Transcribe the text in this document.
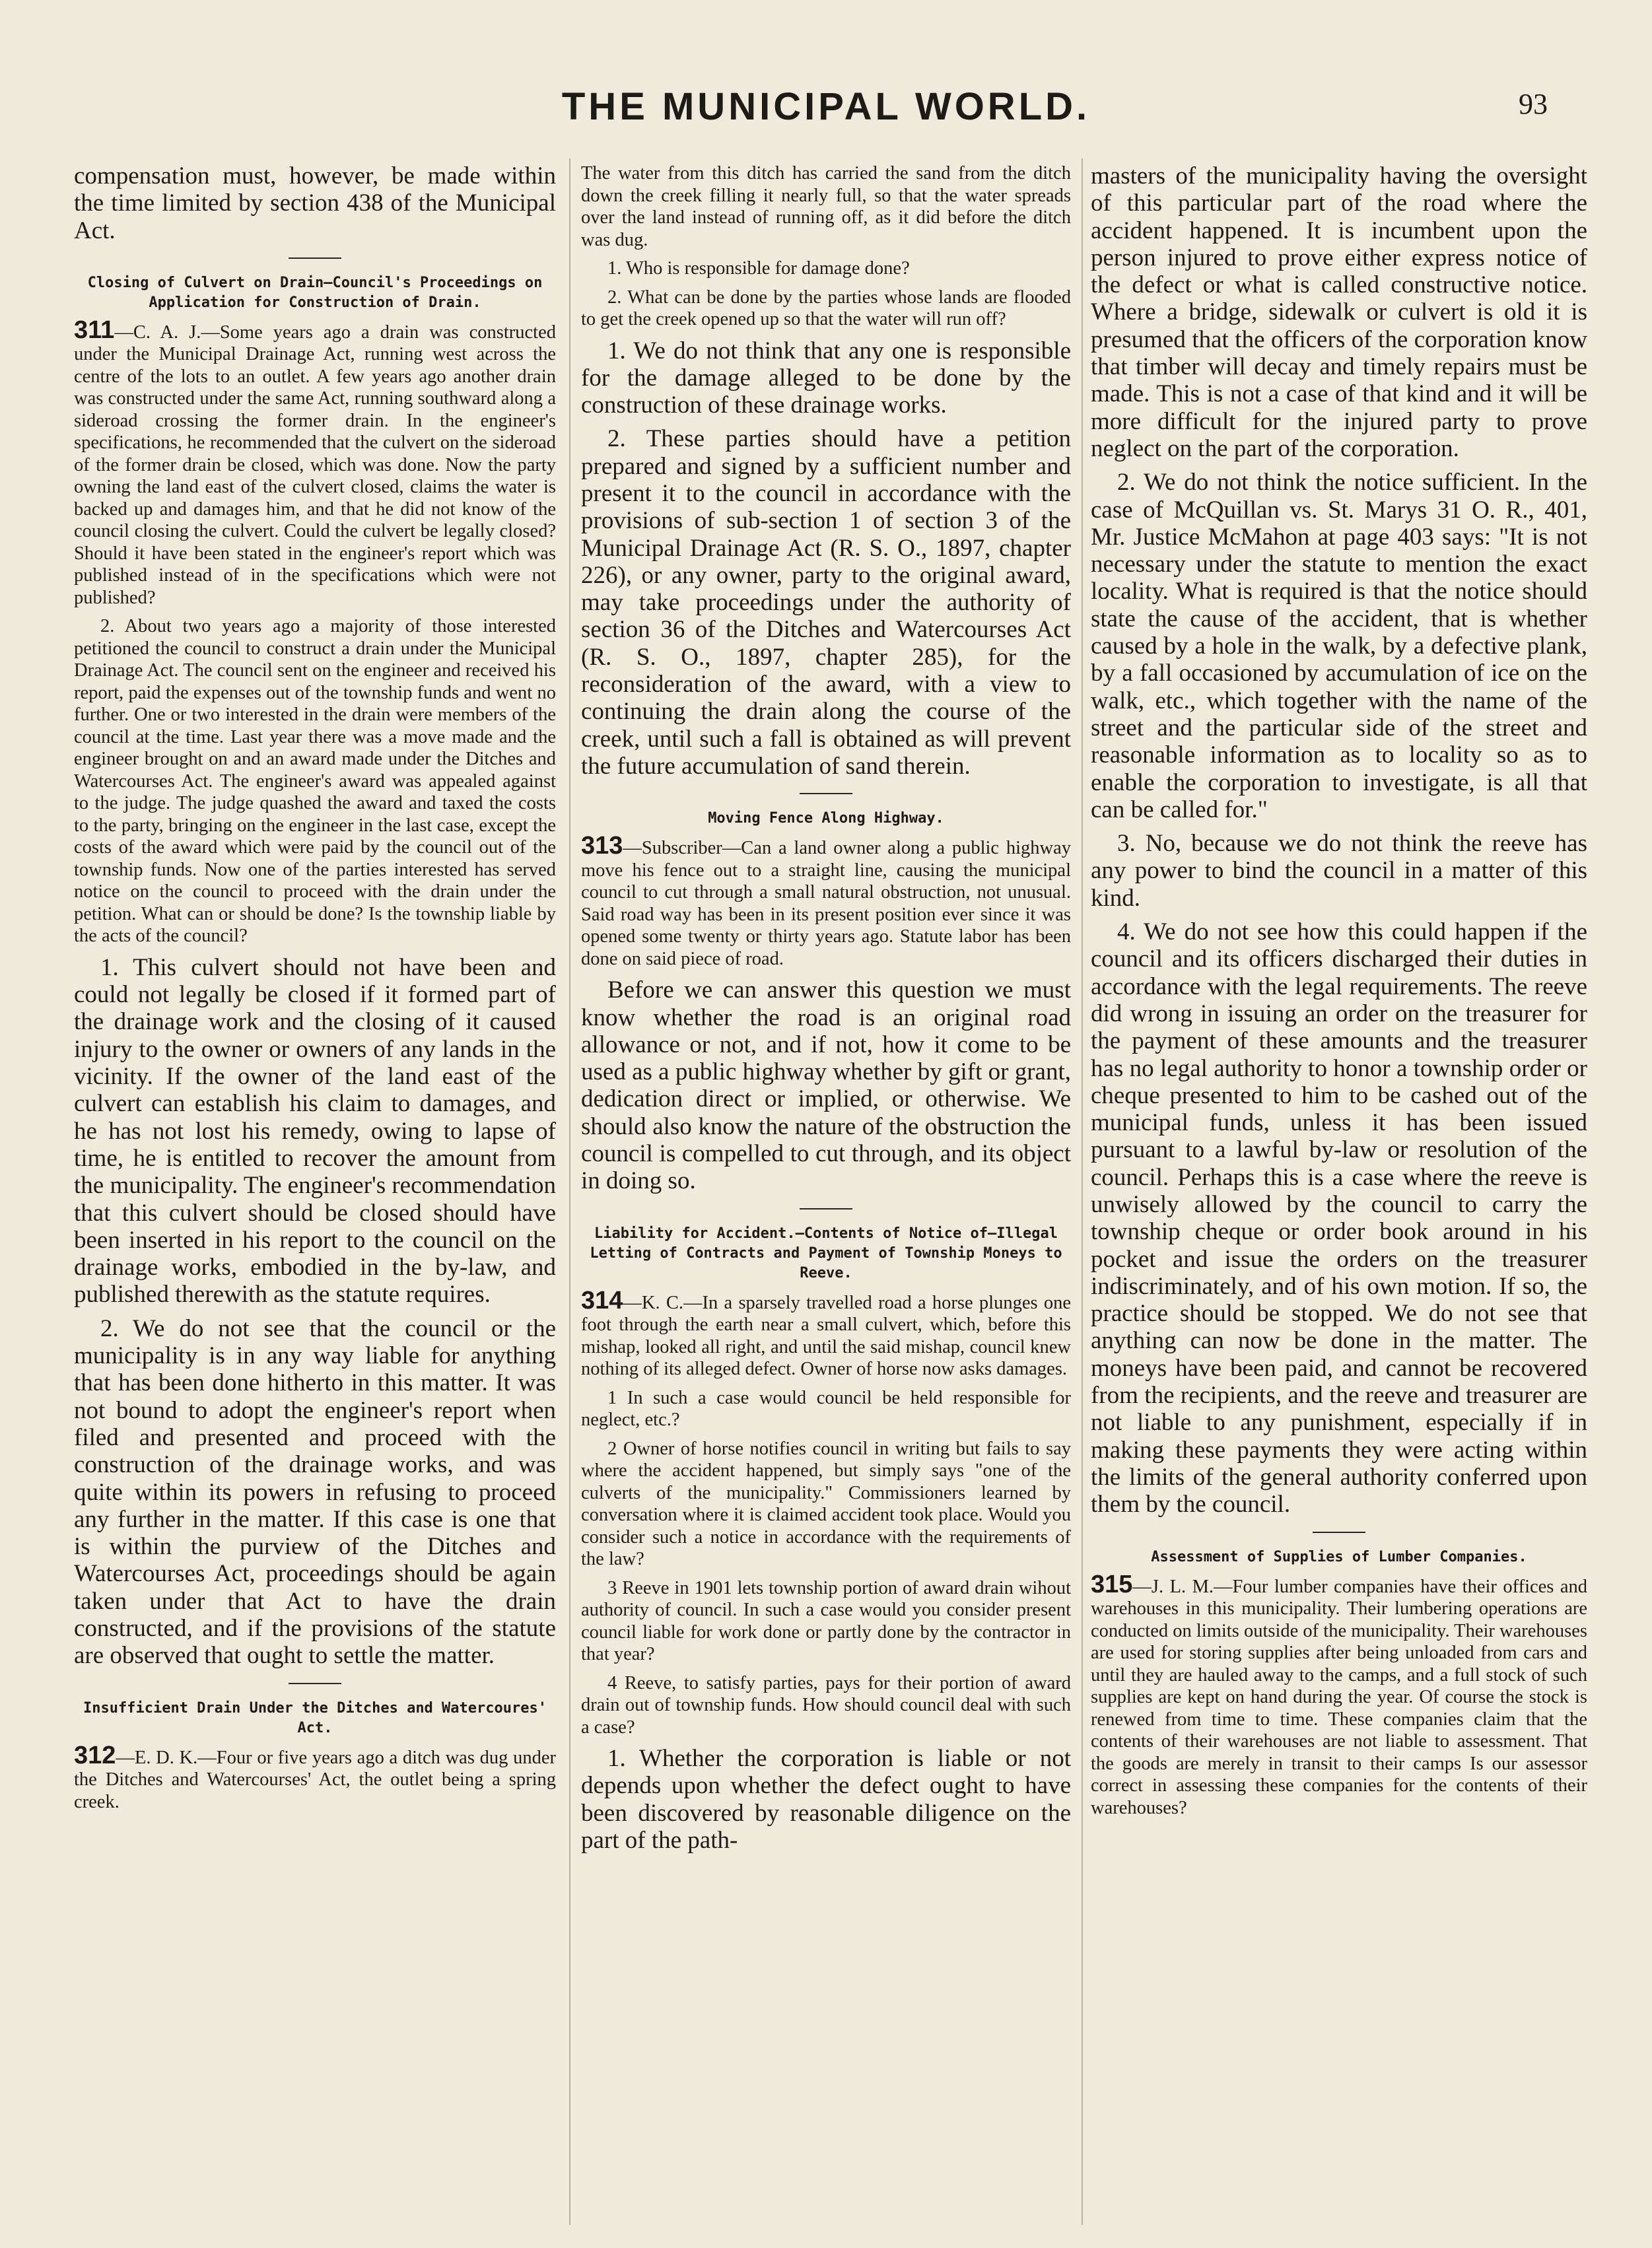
THE MUNICIPAL WORLD.	93

compensation must, however, be made within the time limited by section 438 of the Municipal Act.

Closing of Culvert on Drain—Council's Proceedings on Application for Construction of Drain.

311—C. A. J.—Some years ago a drain was constructed under the Municipal Drainage Act, running west across the centre of the lots to an outlet. A few years ago another drain was constructed under the same Act, running southward along a sideroad crossing the former drain. In the engineer's specifications, he recommended that the culvert on the sideroad of the former drain be closed, which was done. Now the party owning the land east of the culvert closed, claims the water is backed up and damages him, and that he did not know of the council closing the culvert. Could the culvert be legally closed? Should it have been stated in the engineer's report which was published instead of in the specifications which were not published?

2. About two years ago a majority of those interested petitioned the council to construct a drain under the Municipal Drainage Act. The council sent on the engineer and received his report, paid the expenses out of the township funds and went no further. One or two interested in the drain were members of the council at the time. Last year there was a move made and the engineer brought on and an award made under the Ditches and Watercourses Act. The engineer's award was appealed against to the judge. The judge quashed the award and taxed the costs to the party, bringing on the engineer in the last case, except the costs of the award which were paid by the council out of the township funds. Now one of the parties interested has served notice on the council to proceed with the drain under the petition. What can or should be done? Is the township liable by the acts of the council?

1. This culvert should not have been and could not legally be closed if it formed part of the drainage work and the closing of it caused injury to the owner or owners of any lands in the vicinity. If the owner of the land east of the culvert can establish his claim to damages, and he has not lost his remedy, owing to lapse of time, he is entitled to recover the amount from the municipality. The engineer's recommendation that this culvert should be closed should have been inserted in his report to the council on the drainage works, embodied in the by-law, and published therewith as the statute requires.

2. We do not see that the council or the municipality is in any way liable for anything that has been done hitherto in this matter. It was not bound to adopt the engineer's report when filed and presented and proceed with the construction of the drainage works, and was quite within its powers in refusing to proceed any further in the matter. If this case is one that is within the purview of the Ditches and Watercourses Act, proceedings should be again taken under that Act to have the drain constructed, and if the provisions of the statute are observed that ought to settle the matter.

Insufficient Drain Under the Ditches and Watercoures' Act.

312—E. D. K.—Four or five years ago a ditch was dug under the Ditches and Watercourses' Act, the outlet being a spring creek.

The water from this ditch has carried the sand from the ditch down the creek filling it nearly full, so that the water spreads over the land instead of running off, as it did before the ditch was dug.

1. Who is responsible for damage done?

2. What can be done by the parties whose lands are flooded to get the creek opened up so that the water will run off?

1. We do not think that any one is responsible for the damage alleged to be done by the construction of these drainage works.

2. These parties should have a petition prepared and signed by a sufficient number and present it to the council in accordance with the provisions of sub-section 1 of section 3 of the Municipal Drainage Act (R. S. O., 1897, chapter 226), or any owner, party to the original award, may take proceedings under the authority of section 36 of the Ditches and Watercourses Act (R. S. O., 1897, chapter 285), for the reconsideration of the award, with a view to continuing the drain along the course of the creek, until such a fall is obtained as will prevent the future accumulation of sand therein.

Moving Fence Along Highway.

313—Subscriber—Can a land owner along a public highway move his fence out to a straight line, causing the municipal council to cut through a small natural obstruction, not unusual. Said road way has been in its present position ever since it was opened some twenty or thirty years ago. Statute labor has been done on said piece of road.

Before we can answer this question we must know whether the road is an original road allowance or not, and if not, how it come to be used as a public highway whether by gift or grant, dedication direct or implied, or otherwise. We should also know the nature of the obstruction the council is compelled to cut through, and its object in doing so.

Liability for Accident.—Contents of Notice of—Illegal Letting of Contracts and Payment of Township Moneys to Reeve.

314—K. C.—In a sparsely travelled road a horse plunges one foot through the earth near a small culvert, which, before this mishap, looked all right, and until the said mishap, council knew nothing of its alleged defect. Owner of horse now asks damages.

1 In such a case would council be held responsible for neglect, etc.?

2 Owner of horse notifies council in writing but fails to say where the accident happened, but simply says "one of the culverts of the municipality." Commissioners learned by conversation where it is claimed accident took place. Would you consider such a notice in accordance with the requirements of the law?

3 Reeve in 1901 lets township portion of award drain wihout authority of council. In such a case would you consider present council liable for work done or partly done by the contractor in that year?

4 Reeve, to satisfy parties, pays for their portion of award drain out of township funds. How should council deal with such a case?

1. Whether the corporation is liable or not depends upon whether the defect ought to have been discovered by reasonable diligence on the part of the path-

masters of the municipality having the oversight of this particular part of the road where the accident happened. It is incumbent upon the person injured to prove either express notice of the defect or what is called constructive notice. Where a bridge, sidewalk or culvert is old it is presumed that the officers of the corporation know that timber will decay and timely repairs must be made. This is not a case of that kind and it will be more difficult for the injured party to prove neglect on the part of the corporation.

2. We do not think the notice sufficient. In the case of McQuillan vs. St. Marys 31 O. R., 401, Mr. Justice McMahon at page 403 says: "It is not necessary under the statute to mention the exact locality. What is required is that the notice should state the cause of the accident, that is whether caused by a hole in the walk, by a defective plank, by a fall occasioned by accumulation of ice on the walk, etc., which together with the name of the street and the particular side of the street and reasonable information as to locality so as to enable the corporation to investigate, is all that can be called for."

3. No, because we do not think the reeve has any power to bind the council in a matter of this kind.

4. We do not see how this could happen if the council and its officers discharged their duties in accordance with the legal requirements. The reeve did wrong in issuing an order on the treasurer for the payment of these amounts and the treasurer has no legal authority to honor a township order or cheque presented to him to be cashed out of the municipal funds, unless it has been issued pursuant to a lawful by-law or resolution of the council. Perhaps this is a case where the reeve is unwisely allowed by the council to carry the township cheque or order book around in his pocket and issue the orders on the treasurer indiscriminately, and of his own motion. If so, the practice should be stopped. We do not see that anything can now be done in the matter. The moneys have been paid, and cannot be recovered from the recipients, and the reeve and treasurer are not liable to any punishment, especially if in making these payments they were acting within the limits of the general authority conferred upon them by the council.

Assessment of Supplies of Lumber Companies.

315—J. L. M.—Four lumber companies have their offices and warehouses in this municipality. Their lumbering operations are conducted on limits outside of the municipality. Their warehouses are used for storing supplies after being unloaded from cars and until they are hauled away to the camps, and a full stock of such supplies are kept on hand during the year. Of course the stock is renewed from time to time. These companies claim that the contents of their warehouses are not liable to assessment. That the goods are merely in transit to their camps Is our assessor correct in assessing these companies for the contents of their warehouses?
